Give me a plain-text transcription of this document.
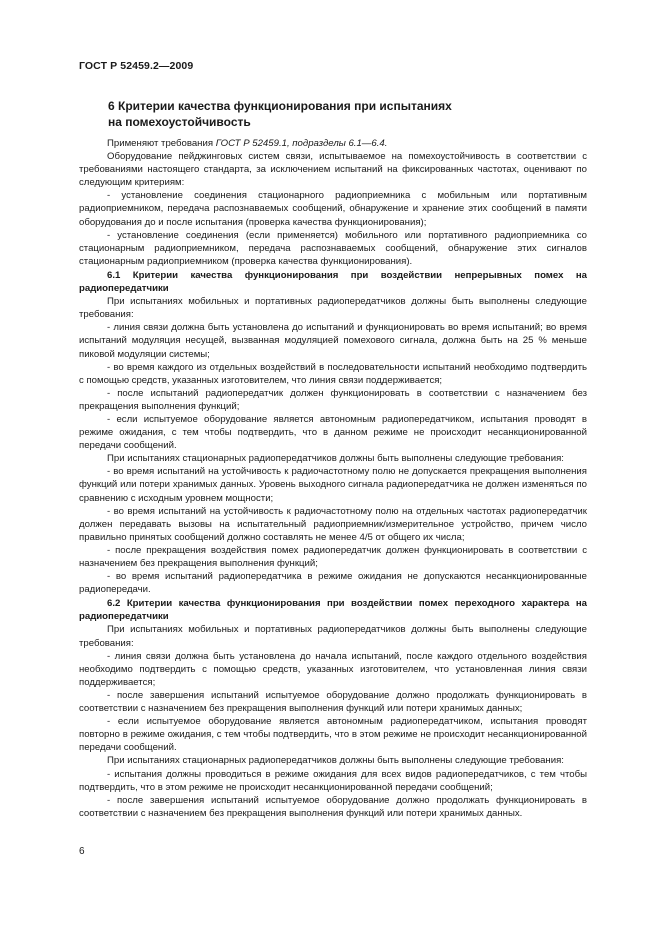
ГОСТ Р 52459.2—2009
6 Критерии качества функционирования при испытаниях
на помехоустойчивость

Применяют требования ГОСТ Р 52459.1, подразделы 6.1—6.4.

Оборудование пейджинговых систем связи, испытываемое на помехоустойчивость в соответствии с требованиями настоящего стандарта, за исключением испытаний на фиксированных частотах, оценивают по следующим критериям:

- установление соединения стационарного радиоприемника с мобильным или портативным радиоприемником, передача распознаваемых сообщений, обнаружение и хранение этих сообщений в памяти оборудования до и после испытания (проверка качества функционирования);

- установление соединения (если применяется) мобильного или портативного радиоприемника со стационарным радиоприемником, передача распознаваемых сообщений, обнаружение этих сигналов стационарным радиоприемником (проверка качества функционирования).

6.1 Критерии качества функционирования при воздействии непрерывных помех на радиопередатчики

При испытаниях мобильных и портативных радиопередатчиков должны быть выполнены следующие требования:

- линия связи должна быть установлена до испытаний и функционировать во время испытаний; во время испытаний модуляция несущей, вызванная модуляцией помехового сигнала, должна быть на 25 % меньше пиковой модуляции системы;

- во время каждого из отдельных воздействий в последовательности испытаний необходимо подтвердить с помощью средств, указанных изготовителем, что линия связи поддерживается;

- после испытаний радиопередатчик должен функционировать в соответствии с назначением без прекращения выполнения функций;

- если испытуемое оборудование является автономным радиопередатчиком, испытания проводят в режиме ожидания, с тем чтобы подтвердить, что в данном режиме не происходит несанкционированной передачи сообщений.

При испытаниях стационарных радиопередатчиков должны быть выполнены следующие требования:

- во время испытаний на устойчивость к радиочастотному полю не допускается прекращения выполнения функций или потери хранимых данных. Уровень выходного сигнала радиопередатчика не должен изменяться по сравнению с исходным уровнем мощности;

- во время испытаний на устойчивость к радиочастотному полю на отдельных частотах радиопередатчик должен передавать вызовы на испытательный радиоприемник/измерительное устройство, причем число правильно принятых сообщений должно составлять не менее 4/5 от общего их числа;

- после прекращения воздействия помех радиопередатчик должен функционировать в соответствии с назначением без прекращения выполнения функций;

- во время испытаний радиопередатчика в режиме ожидания не допускаются несанкционированные радиопередачи.

6.2 Критерии качества функционирования при воздействии помех переходного характера на радиопередатчики

При испытаниях мобильных и портативных радиопередатчиков должны быть выполнены следующие требования:

- линия связи должна быть установлена до начала испытаний, после каждого отдельного воздействия необходимо подтвердить с помощью средств, указанных изготовителем, что установленная линия связи поддерживается;

- после завершения испытаний испытуемое оборудование должно продолжать функционировать в соответствии с назначением без прекращения выполнения функций или потери хранимых данных;

- если испытуемое оборудование является автономным радиопередатчиком, испытания проводят повторно в режиме ожидания, с тем чтобы подтвердить, что в этом режиме не происходит несанкционированной передачи сообщений.

При испытаниях стационарных радиопередатчиков должны быть выполнены следующие требования:

- испытания должны проводиться в режиме ожидания для всех видов радиопередатчиков, с тем чтобы подтвердить, что в этом режиме не происходит несанкционированной передачи сообщений;

- после завершения испытаний испытуемое оборудование должно продолжать функционировать в соответствии с назначением без прекращения выполнения функций или потери хранимых данных.

6
